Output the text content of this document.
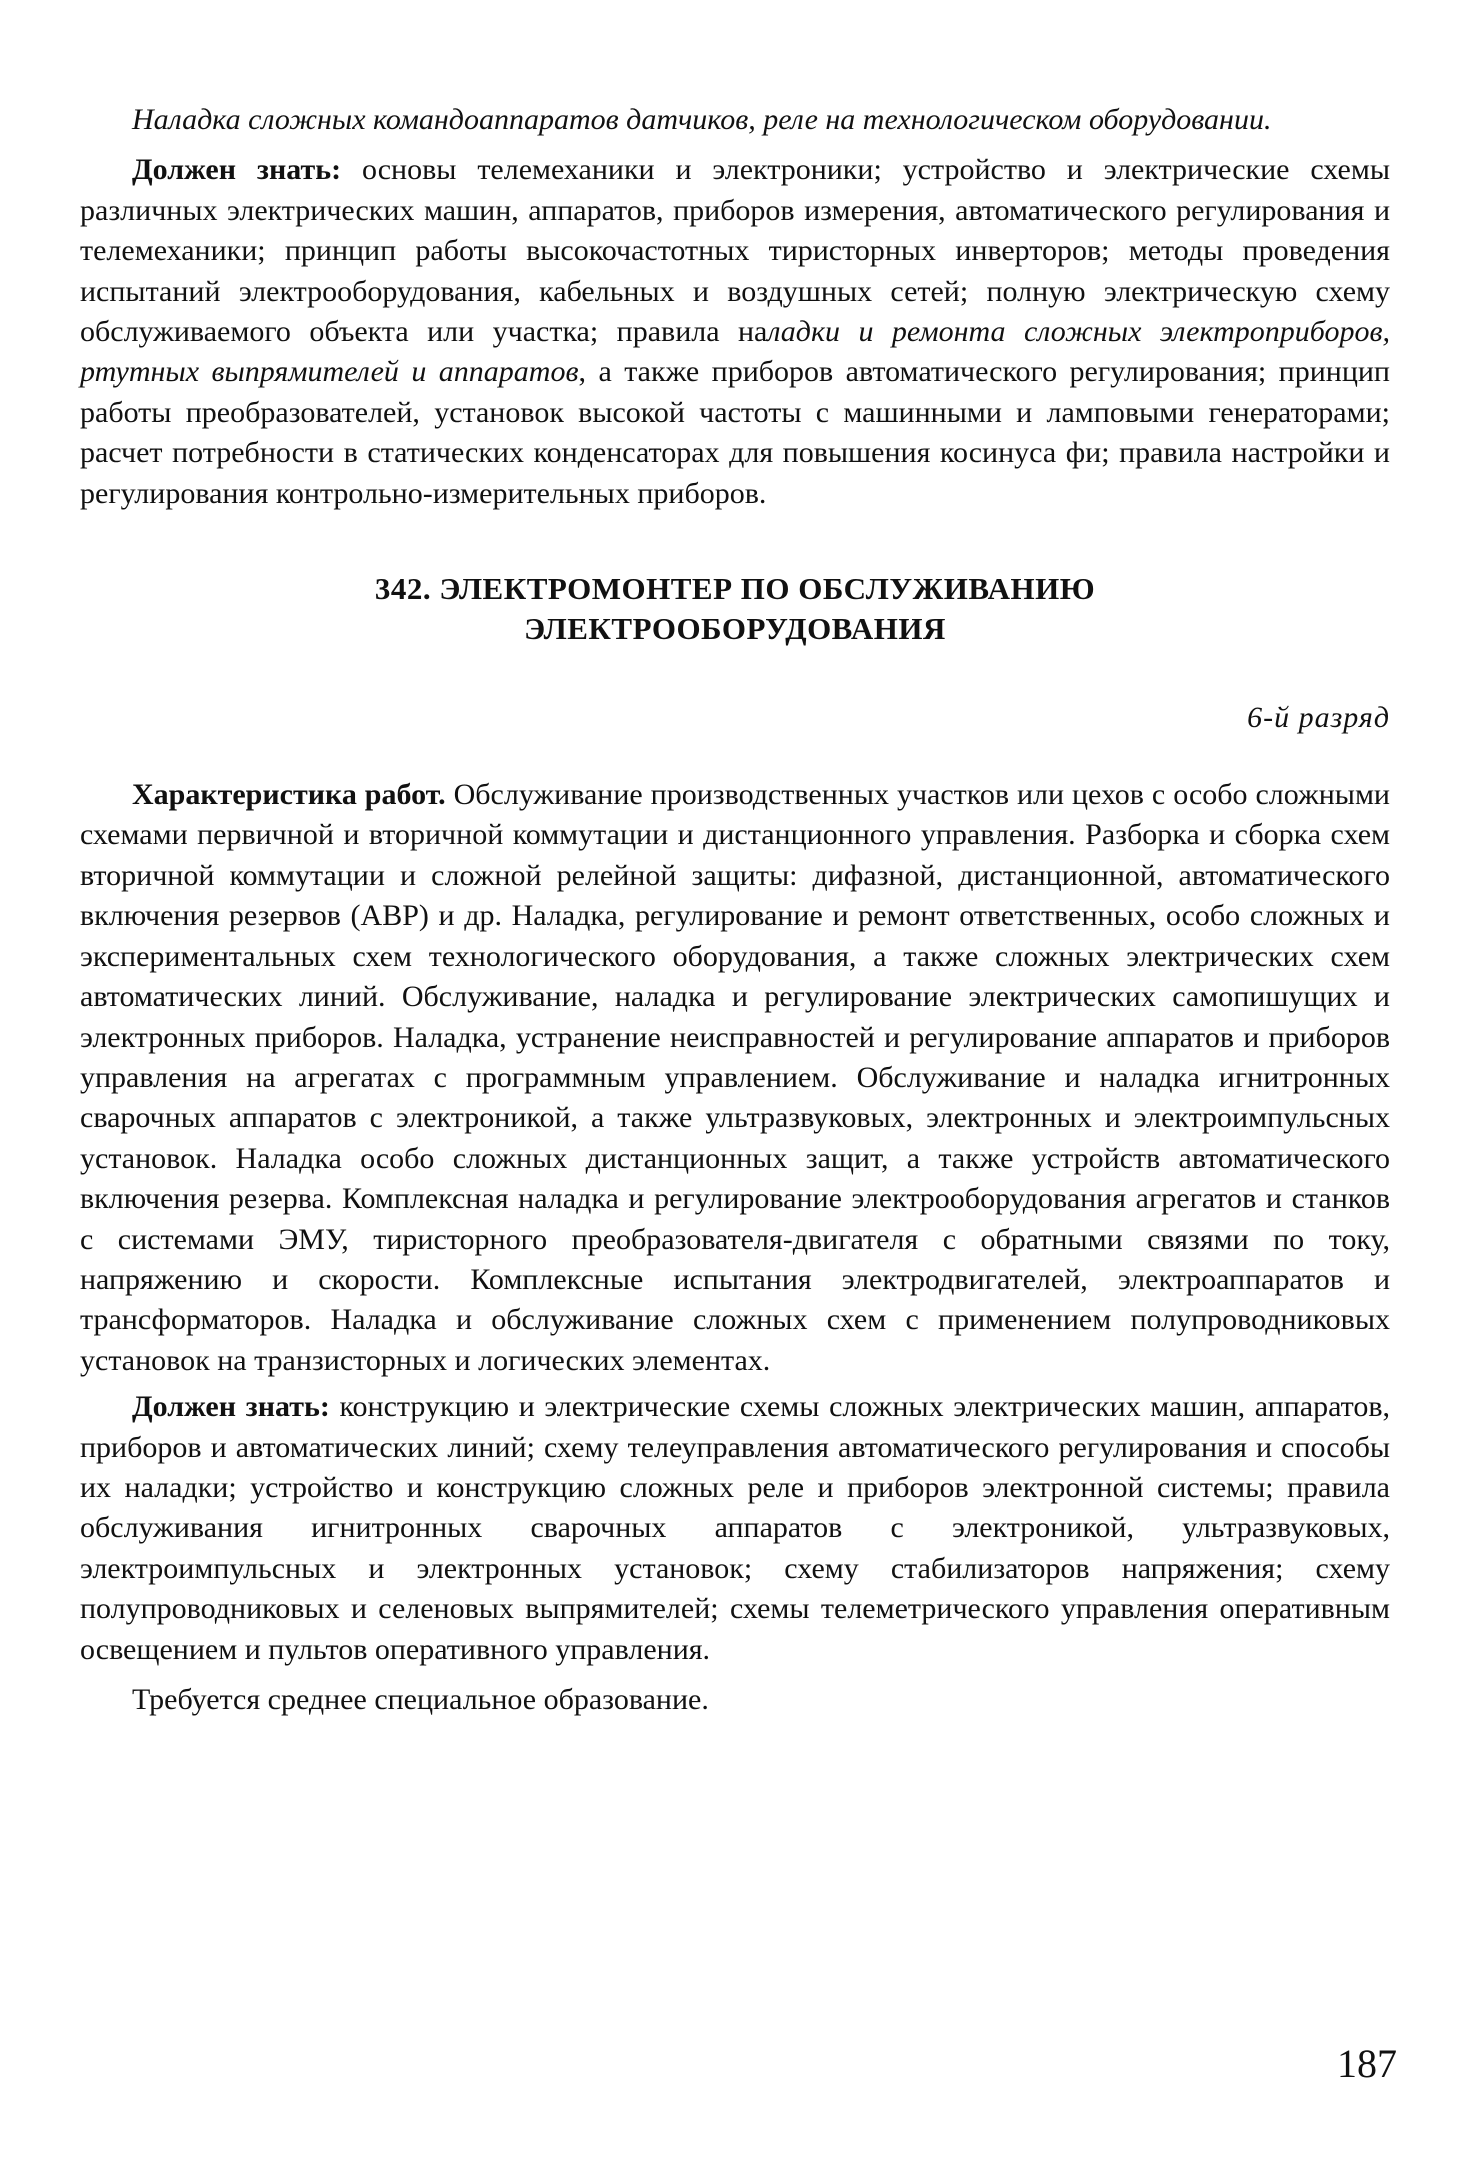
Наладка сложных командоаппаратов датчиков, реле на технологическом оборудовании.

Должен знать: основы телемеханики и электроники; устройство и электрические схемы различных электрических машин, аппаратов, приборов измерения, автоматического регулирования и телемеханики; принцип работы высокочастотных тиристорных инверторов; методы проведения испытаний электрооборудования, кабельных и воздушных сетей; полную электрическую схему обслуживаемого объекта или участка; правила наладки и ремонта сложных электроприборов, ртутных выпрямителей и аппаратов, а также приборов автоматического регулирования; принцип работы преобразователей, установок высокой частоты с машинными и ламповыми генераторами; расчет потребности в статических конденсаторах для повышения косинуса фи; правила настройки и регулирования контрольно-измерительных приборов.

342. ЭЛЕКТРОМОНТЕР ПО ОБСЛУЖИВАНИЮ
ЭЛЕКТРООБОРУДОВАНИЯ

6-й разряд

Характеристика работ. Обслуживание производственных участков или цехов с особо сложными схемами первичной и вторичной коммутации и дистанционного управления. Разборка и сборка схем вторичной коммутации и сложной релейной защиты: дифазной, дистанционной, автоматического включения резервов (АВР) и др. Наладка, регулирование и ремонт ответственных, особо сложных и экспериментальных схем технологического оборудования, а также сложных электрических схем автоматических линий. Обслуживание, наладка и регулирование электрических самопишущих и электронных приборов. Наладка, устранение неисправностей и регулирование аппаратов и приборов управления на агрегатах с программным управлением. Обслуживание и наладка игнитронных сварочных аппаратов с электроникой, а также ультразвуковых, электронных и электроимпульсных установок. Наладка особо сложных дистанционных защит, а также устройств автоматического включения резерва. Комплексная наладка и регулирование электрооборудования агрегатов и станков с системами ЭМУ, тиристорного преобразователя-двигателя с обратными связями по току, напряжению и скорости. Комплексные испытания электродвигателей, электроаппаратов и трансформаторов. Наладка и обслуживание сложных схем с применением полупроводниковых установок на транзисторных и логических элементах.

Должен знать: конструкцию и электрические схемы сложных электрических машин, аппаратов, приборов и автоматических линий; схему телеуправления автоматического регулирования и способы их наладки; устройство и конструкцию сложных реле и приборов электронной системы; правила обслуживания игнитронных сварочных аппаратов с электроникой, ультразвуковых, электроимпульсных и электронных установок; схему стабилизаторов напряжения; схему полупроводниковых и селеновых выпрямителей; схемы телеметрического управления оперативным освещением и пультов оперативного управления.

Требуется среднее специальное образование.

187
